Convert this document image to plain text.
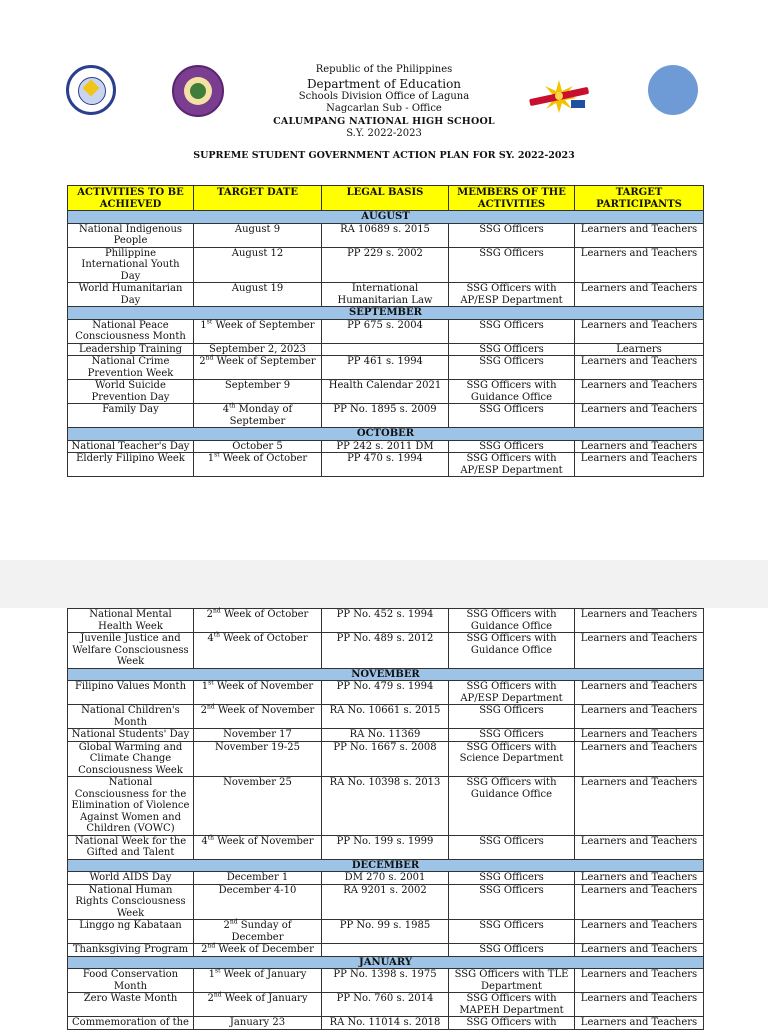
Republic of the Philippines
Department of Education
Schools Division Office of Laguna
Nagcarlan Sub - Office
CALUMPANG NATIONAL HIGH SCHOOL
S.Y. 2022-2023
SUPREME STUDENT GOVERNMENT ACTION PLAN FOR SY. 2022-2023
ACTIVITIES TO BE ACHIEVED	TARGET DATE	LEGAL BASIS	MEMBERS OF THE ACTIVITIES	TARGET PARTICIPANTS
AUGUST				
National Indigenous People	August 9	RA 10689 s. 2015	SSG Officers	Learners and Teachers
Philippine International Youth Day	August 12	PP 229 s. 2002	SSG Officers	Learners and Teachers
World Humanitarian Day	August 19	International Humanitarian Law	SSG Officers with AP/ESP Department	Learners and Teachers
SEPTEMBER				
National Peace Consciousness Month	1st Week of September	PP 675 s. 2004	SSG Officers	Learners and Teachers
Leadership Training	September 2, 2023		SSG Officers	Learners
National Crime Prevention Week	2nd Week of September	PP 461 s. 1994	SSG Officers	Learners and Teachers
World Suicide Prevention Day	September 9	Health Calendar 2021	SSG Officers with Guidance Office	Learners and Teachers
Family Day	4th Monday of September	PP No. 1895 s. 2009	SSG Officers	Learners and Teachers
OCTOBER				
National Teacher's Day	October 5	PP 242 s. 2011 DM	SSG Officers	Learners and Teachers
Elderly Filipino Week	1st Week of October	PP 470 s. 1994	SSG Officers with AP/ESP Department	Learners and Teachers
National Mental Health Week	2nd Week of October	PP No. 452 s. 1994	SSG Officers with Guidance Office	Learners and Teachers
Juvenile Justice and Welfare Consciousness Week	4th Week of October	PP No. 489 s. 2012	SSG Officers with Guidance Office	Learners and Teachers
NOVEMBER				
Filipino Values Month	1st Week of November	PP No. 479 s. 1994	SSG Officers with AP/ESP Department	Learners and Teachers
National Children's Month	2nd Week of November	RA No. 10661 s. 2015	SSG Officers	Learners and Teachers
National Students' Day	November 17	RA No. 11369	SSG Officers	Learners and Teachers
Global Warming and Climate Change Consciousness Week	November 19-25	PP No. 1667 s. 2008	SSG Officers with Science Department	Learners and Teachers
National Consciousness for the Elimination of Violence Against Women and Children (VOWC)	November 25	RA No. 10398 s. 2013	SSG Officers with Guidance Office	Learners and Teachers
National Week for the Gifted and Talent	4th Week of November	PP No. 199 s. 1999	SSG Officers	Learners and Teachers
DECEMBER				
World AIDS Day	December 1	DM 270 s. 2001	SSG Officers	Learners and Teachers
National Human Rights Consciousness Week	December 4-10	RA 9201 s. 2002	SSG Officers	Learners and Teachers
Linggo ng Kabataan	2nd Sunday of December	PP No. 99 s. 1985	SSG Officers	Learners and Teachers
Thanksgiving Program	2nd Week of December		SSG Officers	Learners and Teachers
JANUARY				
Food Conservation Month	1st Week of January	PP No. 1398 s. 1975	SSG Officers with TLE Department	Learners and Teachers
Zero Waste Month	2nd Week of January	PP No. 760 s. 2014	SSG Officers with MAPEH Department	Learners and Teachers
Commemoration of the	January 23	RA No. 11014 s. 2018	SSG Officers with	Learners and Teachers
